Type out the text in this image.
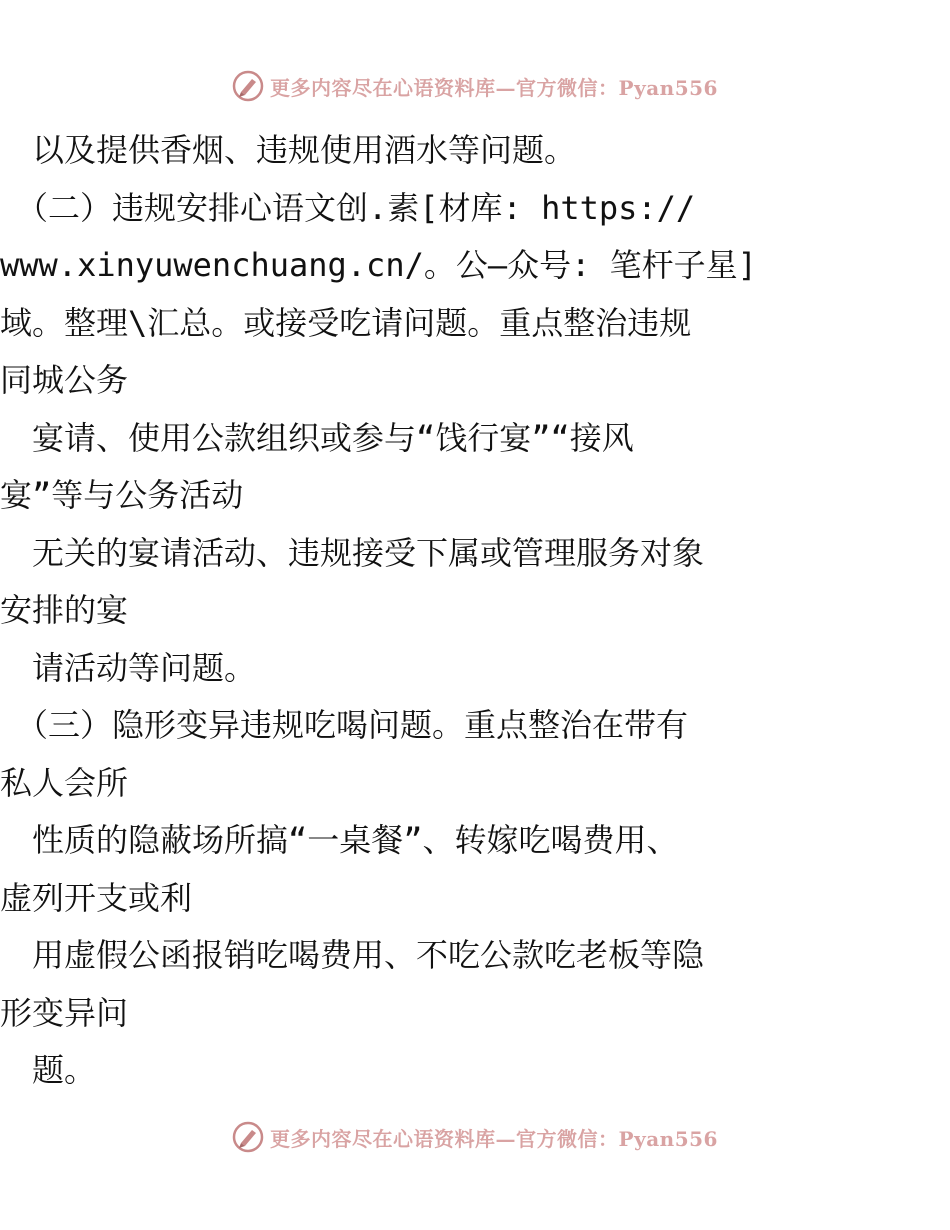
更多内容尽在心语资料库—官方微信：Pyan556
　以及提供香烟、违规使用酒水等问题。
　（二）违规安排心语文创.素[材库: https://
www.xinyuwenchuang.cn/。公—众号: 笔杆子星]
域。整理\汇总。或接受吃请问题。重点整治违规
同城公务
　宴请、使用公款组织或参与“饯行宴”“接风
宴”等与公务活动
　无关的宴请活动、违规接受下属或管理服务对象
安排的宴
　请活动等问题。
　（三）隐形变异违规吃喝问题。重点整治在带有
私人会所
　性质的隐蔽场所搞“一桌餐”、转嫁吃喝费用、
虚列开支或利
　用虚假公函报销吃喝费用、不吃公款吃老板等隐
形变异问
　题。
更多内容尽在心语资料库—官方微信：Pyan556
